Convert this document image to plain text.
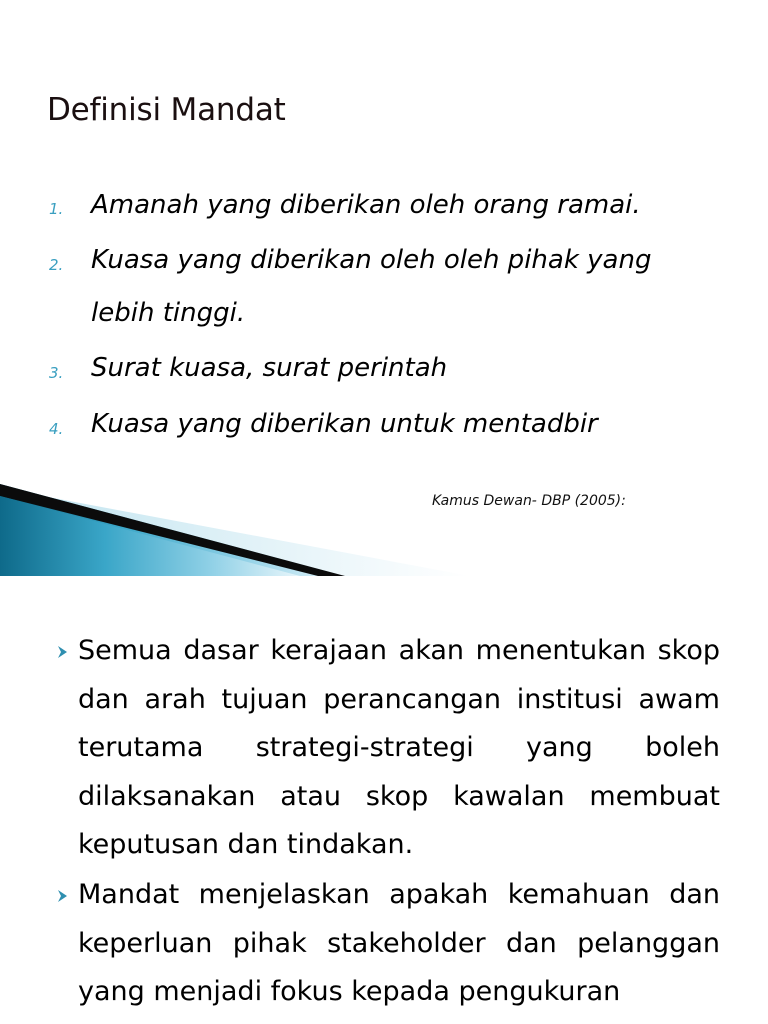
Definisi Mandat
1. Amanah yang diberikan oleh orang ramai.
2. Kuasa yang diberikan oleh oleh pihak yang
lebih tinggi.
3. Surat kuasa, surat perintah
4. Kuasa yang diberikan untuk mentadbir
Kamus Dewan- DBP (2005):
Semua dasar kerajaan akan menentukan skop dan arah tujuan perancangan institusi awam terutama strategi-strategi yang boleh dilaksanakan atau skop kawalan membuat keputusan dan tindakan.
Mandat menjelaskan apakah kemahuan dan keperluan pihak stakeholder dan pelanggan yang menjadi fokus kepada pengukuran
